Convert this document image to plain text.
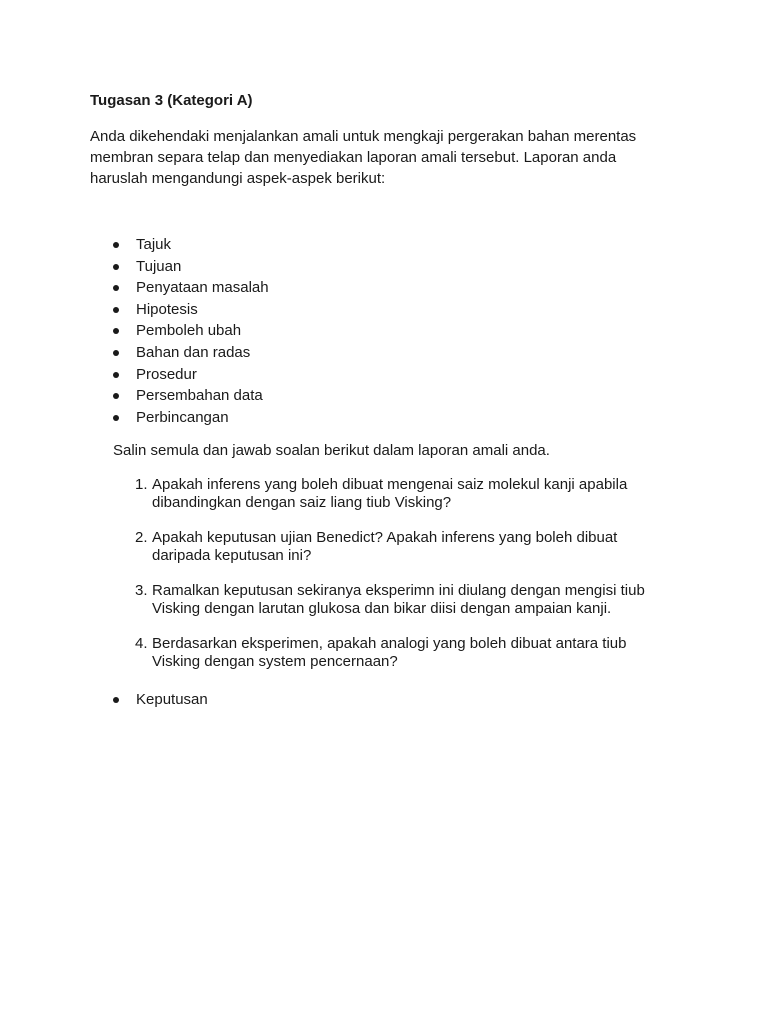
Tugasan 3 (Kategori A)

Anda dikehendaki menjalankan amali untuk mengkaji pergerakan bahan merentas
membran separa telap dan menyediakan laporan amali tersebut. Laporan anda
haruslah mengandungi aspek-aspek berikut:

Tajuk
Tujuan
Penyataan masalah
Hipotesis
Pemboleh ubah
Bahan dan radas
Prosedur
Persembahan data
Perbincangan

Salin semula dan jawab soalan berikut dalam laporan amali anda.

1. Apakah inferens yang boleh dibuat mengenai saiz molekul kanji apabila
dibandingkan dengan saiz liang tiub Visking?
2. Apakah keputusan ujian Benedict? Apakah inferens yang boleh dibuat
daripada keputusan ini?
3. Ramalkan keputusan sekiranya eksperimn ini diulang dengan mengisi tiub
Visking dengan larutan glukosa dan bikar diisi dengan ampaian kanji.
4. Berdasarkan eksperimen, apakah analogi yang boleh dibuat antara tiub
Visking dengan system pencernaan?
Keputusan
